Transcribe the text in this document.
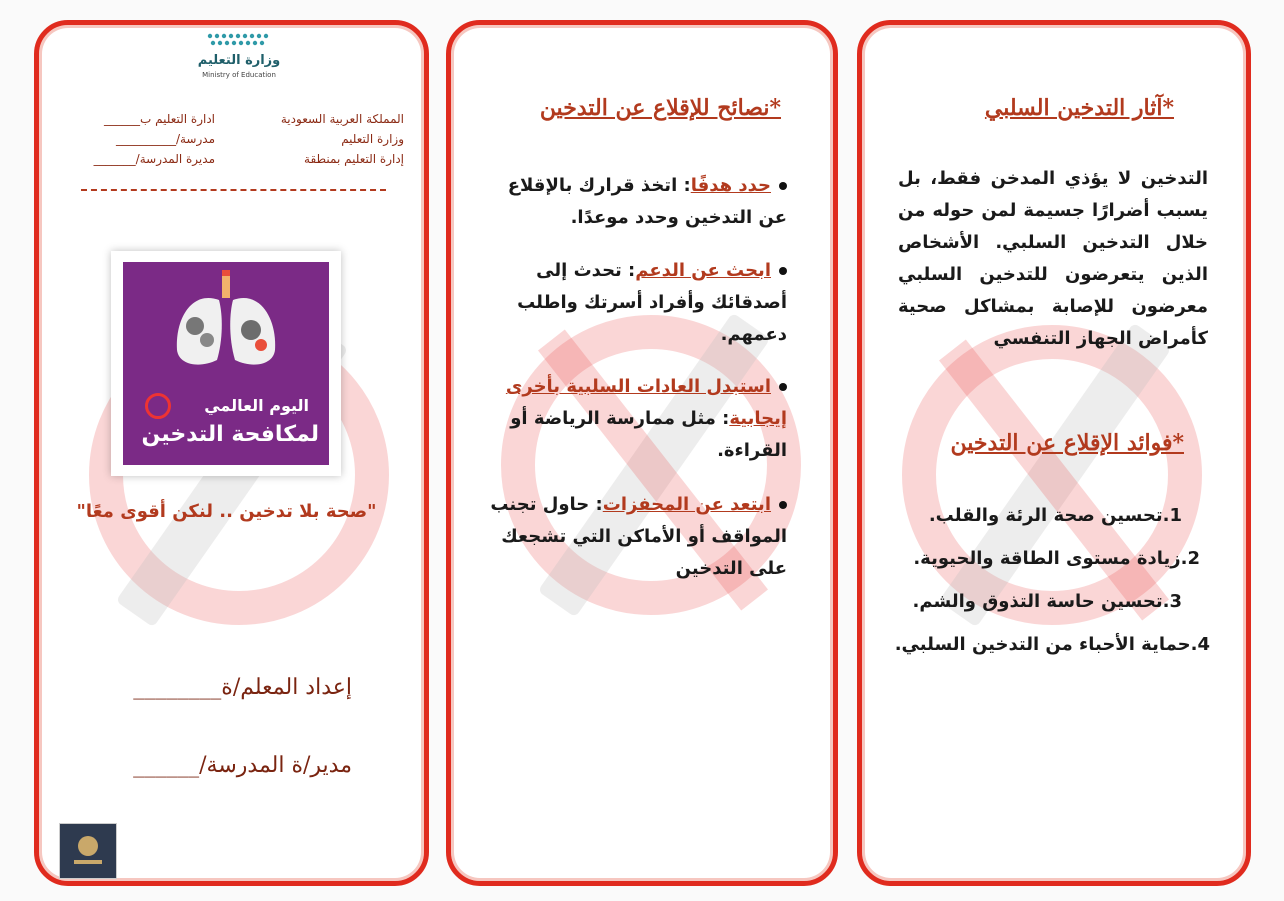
*آثار التدخين السلبي
التدخين لا يؤذي المدخن فقط، بل يسبب أضرارًا جسيمة لمن حوله من خلال التدخين السلبي. الأشخاص الذين يتعرضون للتدخين السلبي معرضون للإصابة بمشاكل صحية كأمراض الجهاز التنفسي
*فوائد الإقلاع عن التدخين
1.تحسين صحة الرئة والقلب.
2.زيادة مستوى الطاقة والحيوية.
3.تحسين حاسة التذوق والشم.
4.حماية الأحباء من التدخين السلبي.
*نصائح للإقلاع عن التدخين
حدد هدفًا: اتخذ قرارك بالإقلاع عن التدخين وحدد موعدًا.
ابحث عن الدعم: تحدث إلى أصدقائك وأفراد أسرتك واطلب دعمهم.
استبدل العادات السلبية بأخرى إيجابية: مثل ممارسة الرياضة أو القراءة.
ابتعد عن المحفزات: حاول تجنب المواقف أو الأماكن التي تشجعك على التدخين
وزارة التعليم
Ministry of Education
المملكة العربية السعودية
وزارة التعليم
إدارة التعليم بمنطقة
ادارة التعليم ب______
مدرسة/__________
مديرة المدرسة/_______
اليوم العالمي
لمكافحة التدخين
"صحة بلا تدخين .. لنكن أقوى معًا"
إعداد المعلم/ة________
مدير/ة المدرسة/______
